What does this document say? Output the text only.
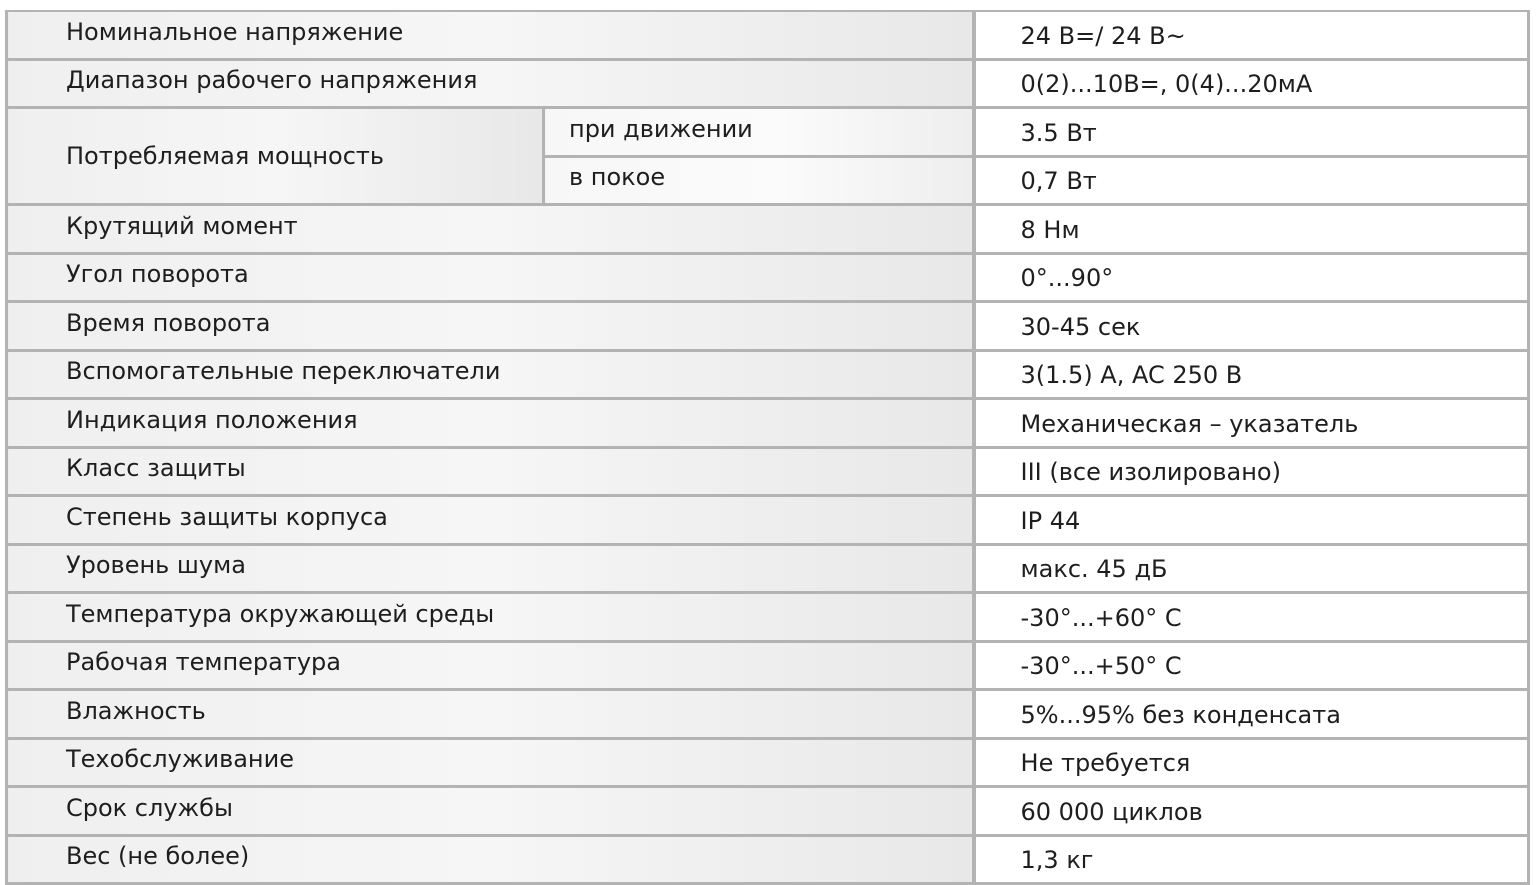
Номинальное напряжение		24 В=/ 24 В~
Диапазон рабочего напряжения		0(2)...10В=, 0(4)...20мА
Потребляемая мощность	при движении	3.5 Вт
	в покое	0,7 Вт
Крутящий момент		8 Нм
Угол поворота		0°...90°
Время поворота		30-45 сек
Вспомогательные переключатели		3(1.5) А, AC 250 В
Индикация положения		Механическая – указатель
Класс защиты		III (все изолировано)
Степень защиты корпуса		IP 44
Уровень шума		макс. 45 дБ
Температура окружающей среды		-30°...+60° С
Рабочая температура		-30°...+50° С
Влажность		5%...95% без конденсата
Техобслуживание		Не требуется
Срок службы		60 000 циклов
Вес (не более)		1,3 кг
